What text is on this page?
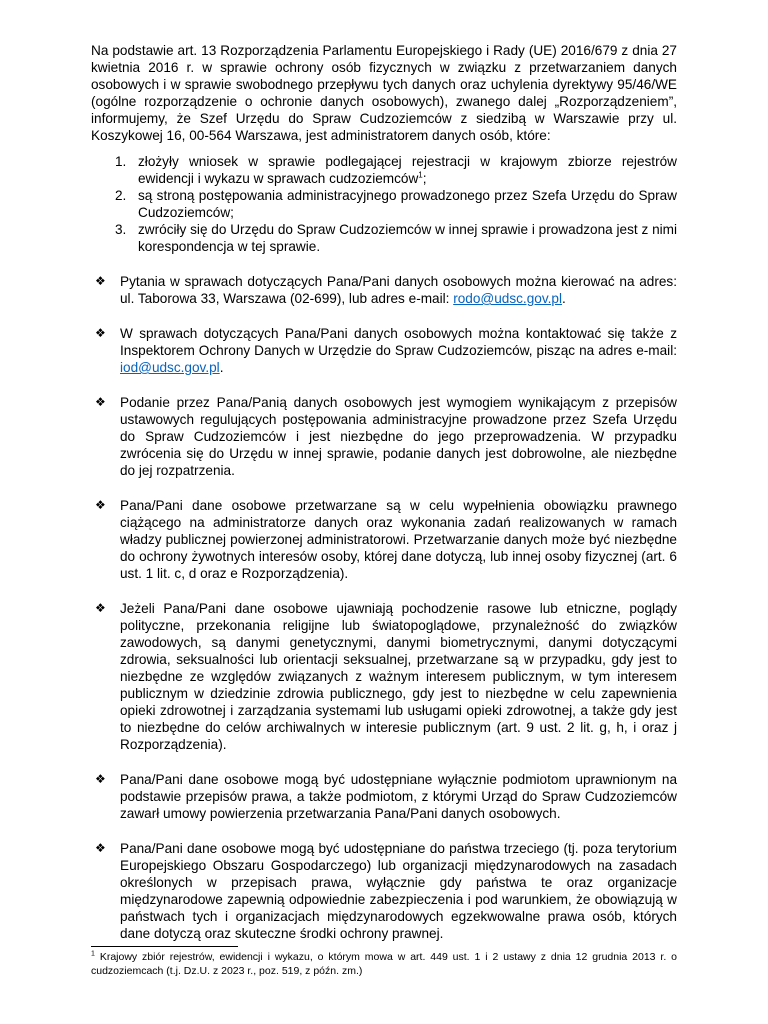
Na podstawie art. 13 Rozporządzenia Parlamentu Europejskiego i Rady (UE) 2016/679 z dnia 27 kwietnia 2016 r. w sprawie ochrony osób fizycznych w związku z przetwarzaniem danych osobowych i w sprawie swobodnego przepływu tych danych oraz uchylenia dyrektywy 95/46/WE (ogólne rozporządzenie o ochronie danych osobowych), zwanego dalej „Rozporządzeniem”, informujemy, że Szef Urzędu do Spraw Cudzoziemców z siedzibą w Warszawie przy ul. Koszykowej 16, 00-564 Warszawa, jest administratorem danych osób, które:

1. złożyły wniosek w sprawie podlegającej rejestracji w krajowym zbiorze rejestrów ewidencji i wykazu w sprawach cudzoziemców$^1$;
2. są stroną postępowania administracyjnego prowadzonego przez Szefa Urzędu do Spraw Cudzoziemców;
3. zwróciły się do Urzędu do Spraw Cudzoziemców w innej sprawie i prowadzona jest z nimi korespondencja w tej sprawie.
❖ Pytania w sprawach dotyczących Pana/Pani danych osobowych można kierować na adres: ul. Taborowa 33, Warszawa (02-699), lub adres e-mail: rodo@udsc.gov.pl.
❖ W sprawach dotyczących Pana/Pani danych osobowych można kontaktować się także z Inspektorem Ochrony Danych w Urzędzie do Spraw Cudzoziemców, pisząc na adres e-mail: iod@udsc.gov.pl.
❖ Podanie przez Pana/Panią danych osobowych jest wymogiem wynikającym z przepisów ustawowych regulujących postępowania administracyjne prowadzone przez Szefa Urzędu do Spraw Cudzoziemców i jest niezbędne do jego przeprowadzenia. W przypadku zwrócenia się do Urzędu w innej sprawie, podanie danych jest dobrowolne, ale niezbędne do jej rozpatrzenia.
❖ Pana/Pani dane osobowe przetwarzane są w celu wypełnienia obowiązku prawnego ciążącego na administratorze danych oraz wykonania zadań realizowanych w ramach władzy publicznej powierzonej administratorowi. Przetwarzanie danych może być niezbędne do ochrony żywotnych interesów osoby, której dane dotyczą, lub innej osoby fizycznej (art. 6 ust. 1 lit. c, d oraz e Rozporządzenia).
❖ Jeżeli Pana/Pani dane osobowe ujawniają pochodzenie rasowe lub etniczne, poglądy polityczne, przekonania religijne lub światopoglądowe, przynależność do związków zawodowych, są danymi genetycznymi, danymi biometrycznymi, danymi dotyczącymi zdrowia, seksualności lub orientacji seksualnej, przetwarzane są w przypadku, gdy jest to niezbędne ze względów związanych z ważnym interesem publicznym, w tym interesem publicznym w dziedzinie zdrowia publicznego, gdy jest to niezbędne w celu zapewnienia opieki zdrowotnej i zarządzania systemami lub usługami opieki zdrowotnej, a także gdy jest to niezbędne do celów archiwalnych w interesie publicznym (art. 9 ust. 2 lit. g, h, i oraz j Rozporządzenia).
❖ Pana/Pani dane osobowe mogą być udostępniane wyłącznie podmiotom uprawnionym na podstawie przepisów prawa, a także podmiotom, z którymi Urząd do Spraw Cudzoziemców zawarł umowy powierzenia przetwarzania Pana/Pani danych osobowych.
❖ Pana/Pani dane osobowe mogą być udostępniane do państwa trzeciego (tj. poza terytorium Europejskiego Obszaru Gospodarczego) lub organizacji międzynarodowych na zasadach określonych w przepisach prawa, wyłącznie gdy państwa te oraz organizacje międzynarodowe zapewnią odpowiednie zabezpieczenia i pod warunkiem, że obowiązują w państwach tych i organizacjach międzynarodowych egzekwowalne prawa osób, których dane dotyczą oraz skuteczne środki ochrony prawnej.
$^1$ Krajowy zbiór rejestrów, ewidencji i wykazu, o którym mowa w art. 449 ust. 1 i 2 ustawy z dnia 12 grudnia 2013 r. o cudzoziemcach (t.j. Dz.U. z 2023 r., poz. 519, z późn. zm.)
